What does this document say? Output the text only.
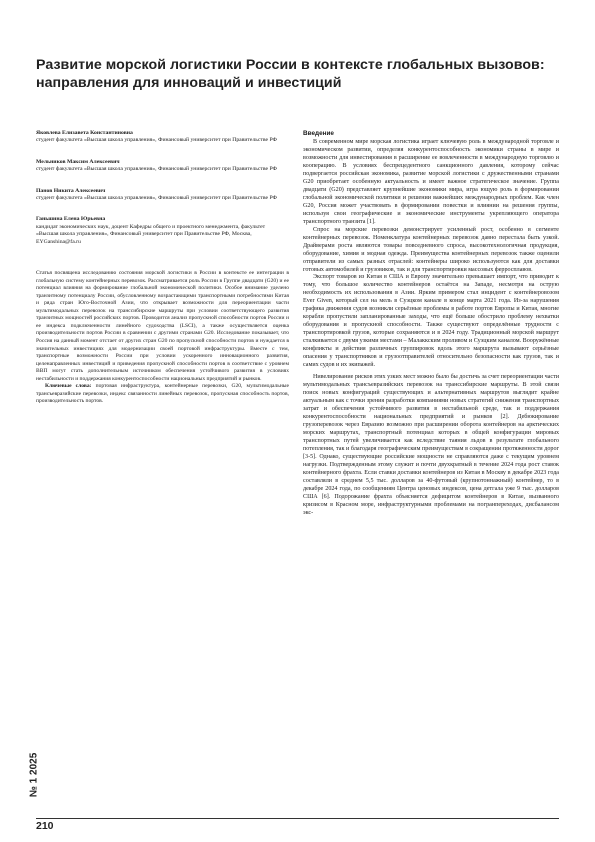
Развитие морской логистики России в контексте глобальных вызовов: направления для инноваций и инвестиций

Яковлева Елизавета Константиновна

студент факультета «Высшая школа управления», Финансовый университет при Правительстве РФ

Мельников Максим Алексеевич

студент факультета «Высшая школа управления», Финансовый университет при Правительстве РФ

Панов Никита Алексеевич

студент факультета «Высшая школа управления», Финансовый университет при Правительстве РФ

Ганьшина Елена Юрьевна

кандидат экономических наук, доцент Кафедры общего и проектного менеджмента, факультет «Высшая школа управления», Финансовый университет при Правительстве РФ, Москва, EYGanshina@fa.ru

Статья посвящена исследованию состояния морской логистики в России в контексте ее интеграции в глобальную систему контейнерных перевозок. Рассматривается роль России в Группе двадцати (G20) и ее потенциал влияния на формирование глобальной экономической политики. Особое внимание уделено транзитному потенциалу России, обусловленному возрастающими транспортными потребностями Китая и ряда стран Юго-Восточной Азии, что открывает возможности для переориентации части мультимодальных перевозок на транссибирские маршруты при условии соответствующего развития транзитных мощностей российских портов. Проводится анализ пропускной способности портов России и ее индекса подключенности линейного судоходства (LSCI), а также осуществляется оценка производительности портов России в сравнении с другими странами G20. Исследование показывает, что Россия на данный момент отстает от других стран G20 по пропускной способности портов и нуждается в значительных инвестициях для модернизации своей портовой инфраструктуры. Вместе с тем, транспортные возможности России при условии ускоренного инновационного развития, целенаправленных инвестиций и приведения пропускной способности портов в соответствие с уровнем ВВП могут стать дополнительным источником обеспечения устойчивого развития в условиях нестабильности и поддержания конкурентоспособности национальных предприятий и рынков.

Ключевые слова: портовая инфраструктура, контейнерные перевозки, G20, мультимодальные трансъевразийские перевозки, индекс связанности линейных перевозок, пропускная способность портов, производительность портов.

Введение

В современном мире морская логистика играет ключевую роль в международной торговле и экономическом развитии, определяя конкурентоспособность экономики страны в мире и возможности для инвестирования в расширение ее вовлеченности в международную торговлю и кооперацию. В условиях беспрецедентного санкционного давления, которому сейчас подвергается российская экономика, развитие морской логистики с дружественными странами G20 приобретает особенную актуальность и имеет важное стратегическое значение. Группа двадцати (G20) представляет крупнейшие экономики мира, игра ющую роль в формировании глобальной экономической политики и решении важнейших международных проблем. Как член G20, Россия может участвовать в формировании повестки и влиянии на решения группы, используя свои географические и экономические инструменты укрепляющего оператора транспортного транзита [1].

Спрос на морские перевозки демонстрирует усиленный рост, особенно в сегменте контейнерных перевозок. Номенклатура контейнерных перевозок давно перестала быть узкой. Драйверами роста являются товары повседневного спроса, высокотехнологичная продукция, оборудование, химия и модная одежда. Преимущества контейнерных перевозок также оценили отправители из самых разных отраслей: контейнеры широко используются как для доставки готовых автомобилей и грузовиков, так и для транспортировки массовых ферросплавов.

Экспорт товаров из Китая в США и Европу значительно превышает импорт, что приводит к тому, что большое количество контейнеров остаётся на Западе, несмотря на острую необходимость их использования в Азии. Ярким примером стал инцидент с контейнеровозом Ever Given, который сел на мель в Суэцком канале в конце марта 2021 года. Из-за нарушения графика движения судов возникли серьёзные проблемы в работе портов Европы и Китая, многие корабли пропустили запланированные заходы, что ещё больше обострило проблему нехватки оборудования и пропускной способности. Также существуют определённые трудности с транспортировкой грузов, которые сохраняются и в 2024 году. Традиционный морской маршрут сталкивается с двумя узкими местами – Малаккским проливом и Суэцким каналом. Вооружённые конфликты и действия различных группировок вдоль этого маршрута вызывают серьёзные опасения у транспортников и грузоотправителей относительно безопасности как грузов, так и самих судов и их экипажей.

Нивелирование рисков этих узких мест можно было бы достичь за счет переориентации части мультимодальных трансъевразийских перевозок на транссибирские маршруты. В этой связи поиск новых конфигураций существующих и альтернативных маршрутов выглядит крайне актуальным как с точки зрения разработки компаниями новых стратегий снижения транспортных затрат и обеспечения устойчивого развития в нестабильной среде, так и поддержания конкурентоспособности национальных предприятий и рынков [2]. Дебюкирование грузоперевозок через Евразию возможно при расширении оборота контейнеров на арктических морских маршрутах, транспортный потенциал которых в общей конфигурации мировых транспортных путей увеличивается как вследствие таяния льдов в результате глобального потепления, так и благодаря географическим преимуществам в сокращении протяженности дорог [3-5]. Однако, существующие российские мощности не справляются даже с текущим уровнем нагрузки. Подтвержденным этому служит и почти двухкратный в течение 2024 года рост ставок контейнерного фрахта. Если ставки доставки контейнеров из Китая в Москву в декабре 2023 года составляли в среднем 5,5 тыс. долларов за 40-футовый (крупнотоннажный) контейнер, то в декабре 2024 года, по сообщениям Центра ценовых индексов, цена детгала уже 9 тыс. долларов США [6]. Подорожание фрахта объясняется дефицитом контейнеров в Китае, вызванного кризисом в Красном море, инфраструктурными проблемами на погранпереходах, дисбалансом экс-

№ 1 2025
210
